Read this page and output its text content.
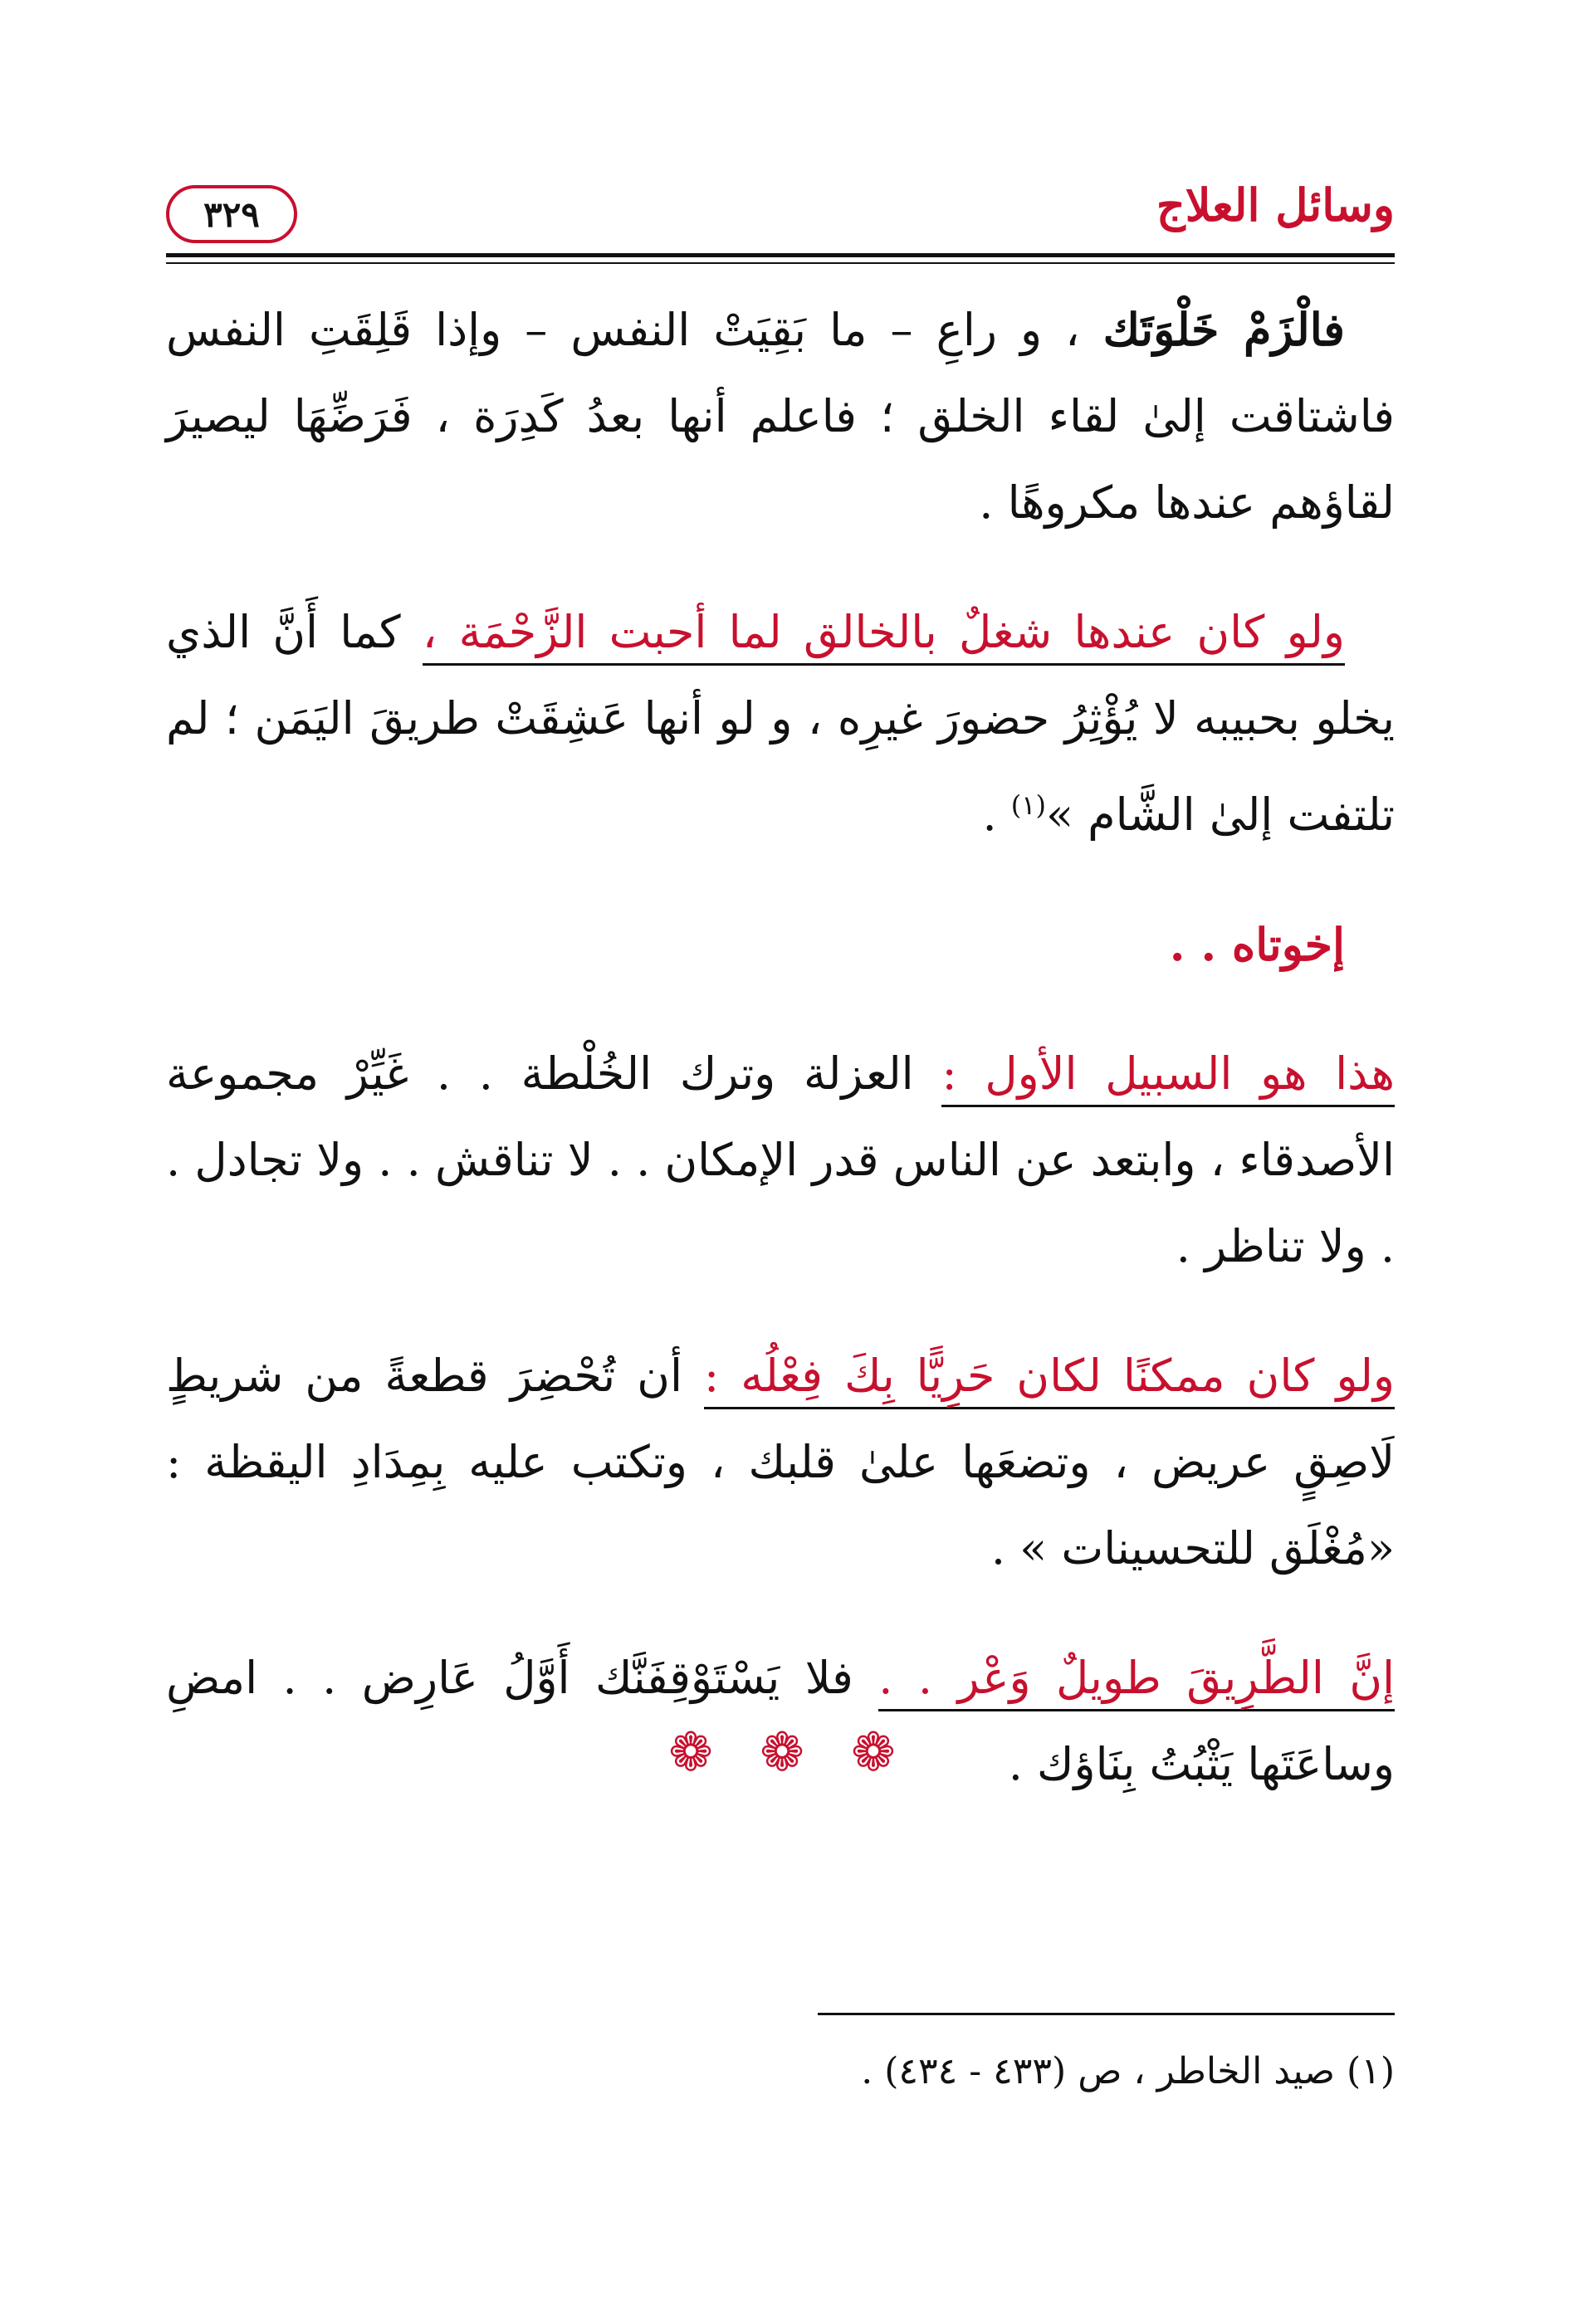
وسائل العلاج
٣٢٩

فالْزَمْ خَلْوَتَك ، و راعِ – ما بَقِيَتْ النفس – وإذا قَلِقَتِ النفس فاشتاقت إلىٰ لقاء الخلق ؛ فاعلم أنها بعدُ كَدِرَة ، فَرَضِّهَا ليصيرَ لقاؤهم عندها مكروهًا .

ولو كان عندها شغلٌ بالخالق لما أحبت الزَّحْمَة ، كما أَنَّ الذي يخلو بحبيبه لا يُؤْثِرُ حضورَ غيرِه ، و لو أنها عَشِقَتْ طريقَ اليَمَن ؛ لم تلتفت إلىٰ الشَّام »$^{(١)}$ .

إخوتاه . .

هذا هو السبيل الأول : العزلة وترك الخُلْطة . . غَيِّرْ مجموعة الأصدقاء ، وابتعد عن الناس قدر الإمكان . . لا تناقش . . ولا تجادل . . ولا تناظر .

ولو كان ممكنًا لكان حَرِيًّا بِكَ فِعْلُه : أن تُحْضِرَ قطعةً من شريطٍ لَاصِقٍ عريض ، وتضعَها علىٰ قلبك ، وتكتب عليه بِمِدَادِ اليقظة : «مُغْلَق للتحسينات » .

إنَّ الطَّرِيقَ طويلٌ وَعْر . . فلا يَسْتَوْقِفَنَّك أَوَّلُ عَارِض . . امضِ وساعَتَها يَثْبُتُ بِنَاؤك .

❁ ❁ ❁
(١) صيد الخاطر ، ص (٤٣٣ - ٤٣٤) .
